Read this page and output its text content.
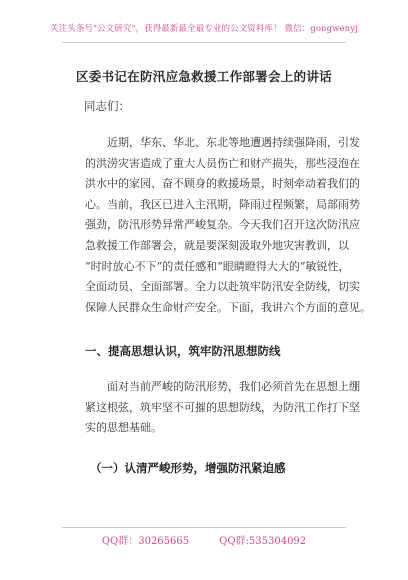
关注头条号"公文研究"，获得最新最全最专业的公文资料库！ 微信：gongwenyj
区委书记在防汛应急救援工作部署会上的讲话
同志们：
近期，华东、华北、东北等地遭遇持续强降雨，引发
的洪涝灾害造成了重大人员伤亡和财产损失，那些浸泡在
洪水中的家园、奋不顾身的救援场景，时刻牵动着我们的
心。当前，我区已进入主汛期，降雨过程频繁，局部雨势
强劲，防汛形势异常严峻复杂。今天我们召开这次防汛应
急救援工作部署会，就是要深刻汲取外地灾害教训，以
“时时放心不下”的责任感和“眼睛瞪得大大的”敏锐性，
全面动员、全面部署。全力以赴筑牢防汛安全防线，切实
保障人民群众生命财产安全。下面，我讲六个方面的意见。
一、提高思想认识，筑牢防汛思想防线
面对当前严峻的防汛形势，我们必须首先在思想上绷
紧这根弦，筑牢坚不可摧的思想防线，为防汛工作打下坚
实的思想基础。
（一）认清严峻形势，增强防汛紧迫感
QQ群：30265665	QQ群:535304092
